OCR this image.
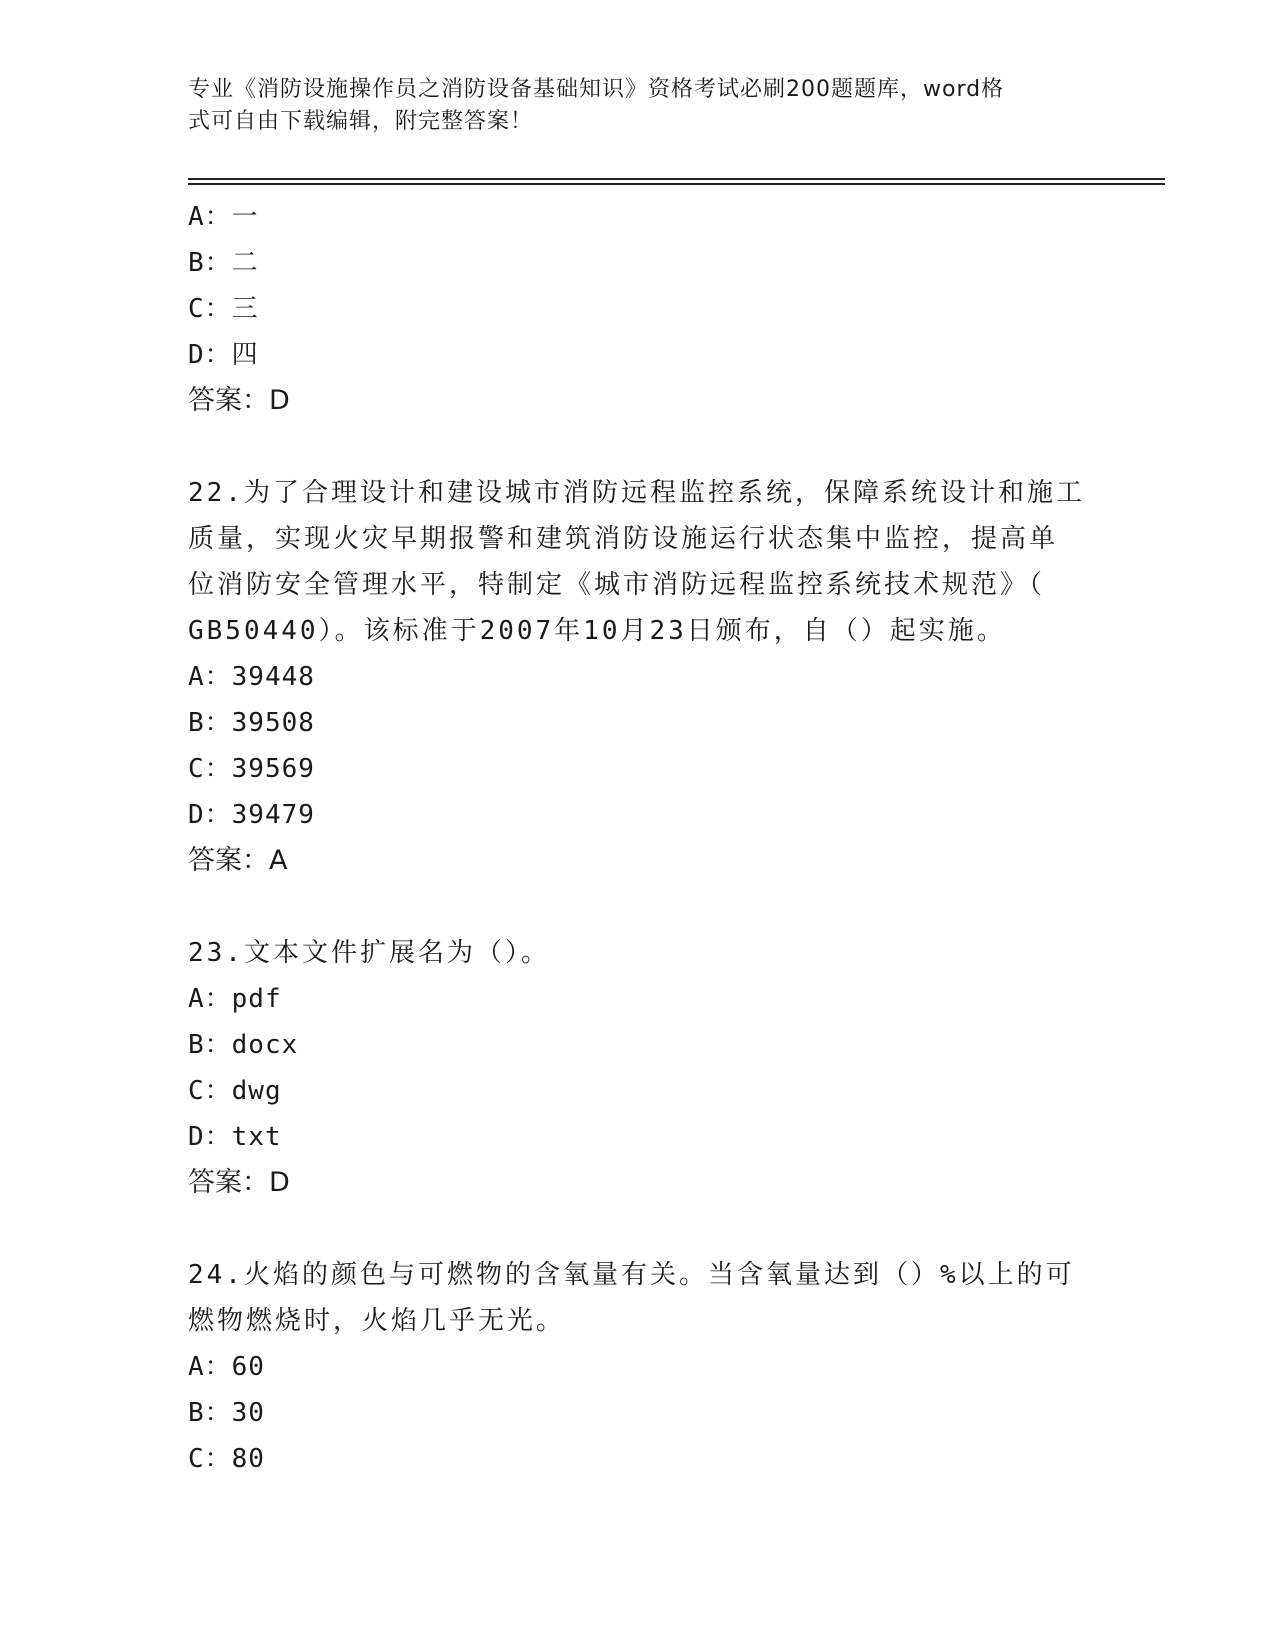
专业《消防设施操作员之消防设备基础知识》资格考试必刷200题题库，word格
式可自由下载编辑，附完整答案！
A：一
B：二
C：三
D：四
答案：D
22.为了合理设计和建设城市消防远程监控系统，保障系统设计和施工
质量，实现火灾早期报警和建筑消防设施运行状态集中监控，提高单
位消防安全管理水平，特制定《城市消防远程监控系统技术规范》（
GB50440）。该标准于2007年10月23日颁布，自（）起实施。
A：39448
B：39508
C：39569
D：39479
答案：A
23.文本文件扩展名为（）。
A：pdf
B：docx
C：dwg
D：txt
答案：D
24.火焰的颜色与可燃物的含氧量有关。当含氧量达到（）%以上的可
燃物燃烧时，火焰几乎无光。
A：60
B：30
C：80
